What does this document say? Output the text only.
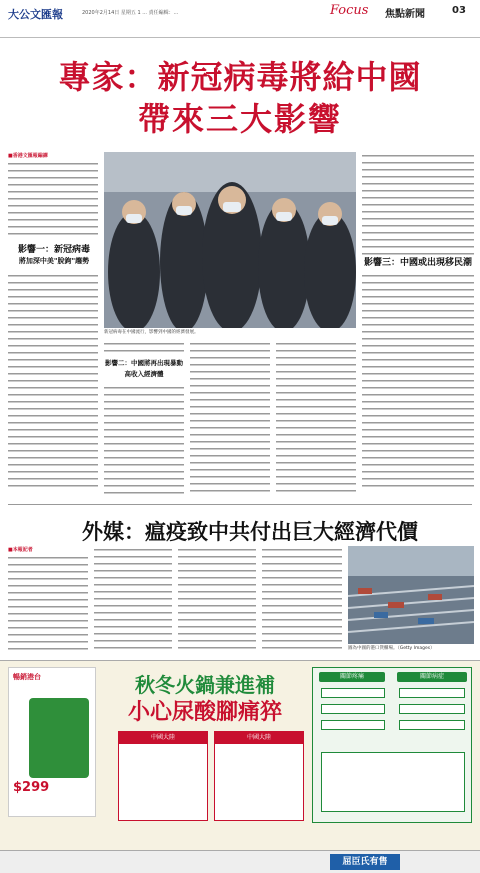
大公文匯報	2020年2月14日 星期五 1 ... 責任編輯：...	Focus 焦點新聞	03
專家：新冠病毒將給中國
帶來三大影響
■香港文匯報編譯
影響一：新冠病毒
將加深中美"脫鉤"趨勢
新冠病毒在中國流行，影響到中國的經濟發展。
影響三：中國或出現移民潮
影響二：中國將再出現暴動
高收入經濟體
外媒：瘟疫致中共付出巨大經濟代價
■本報記者
圖為中國的港口貨櫃場。（Getty Images）
暢銷港台
$299
秋冬火鍋兼進補
小心尿酸腳痛猝
中國大陸	中國大陸
關節疼痛	關節病症
屈臣氏有售
